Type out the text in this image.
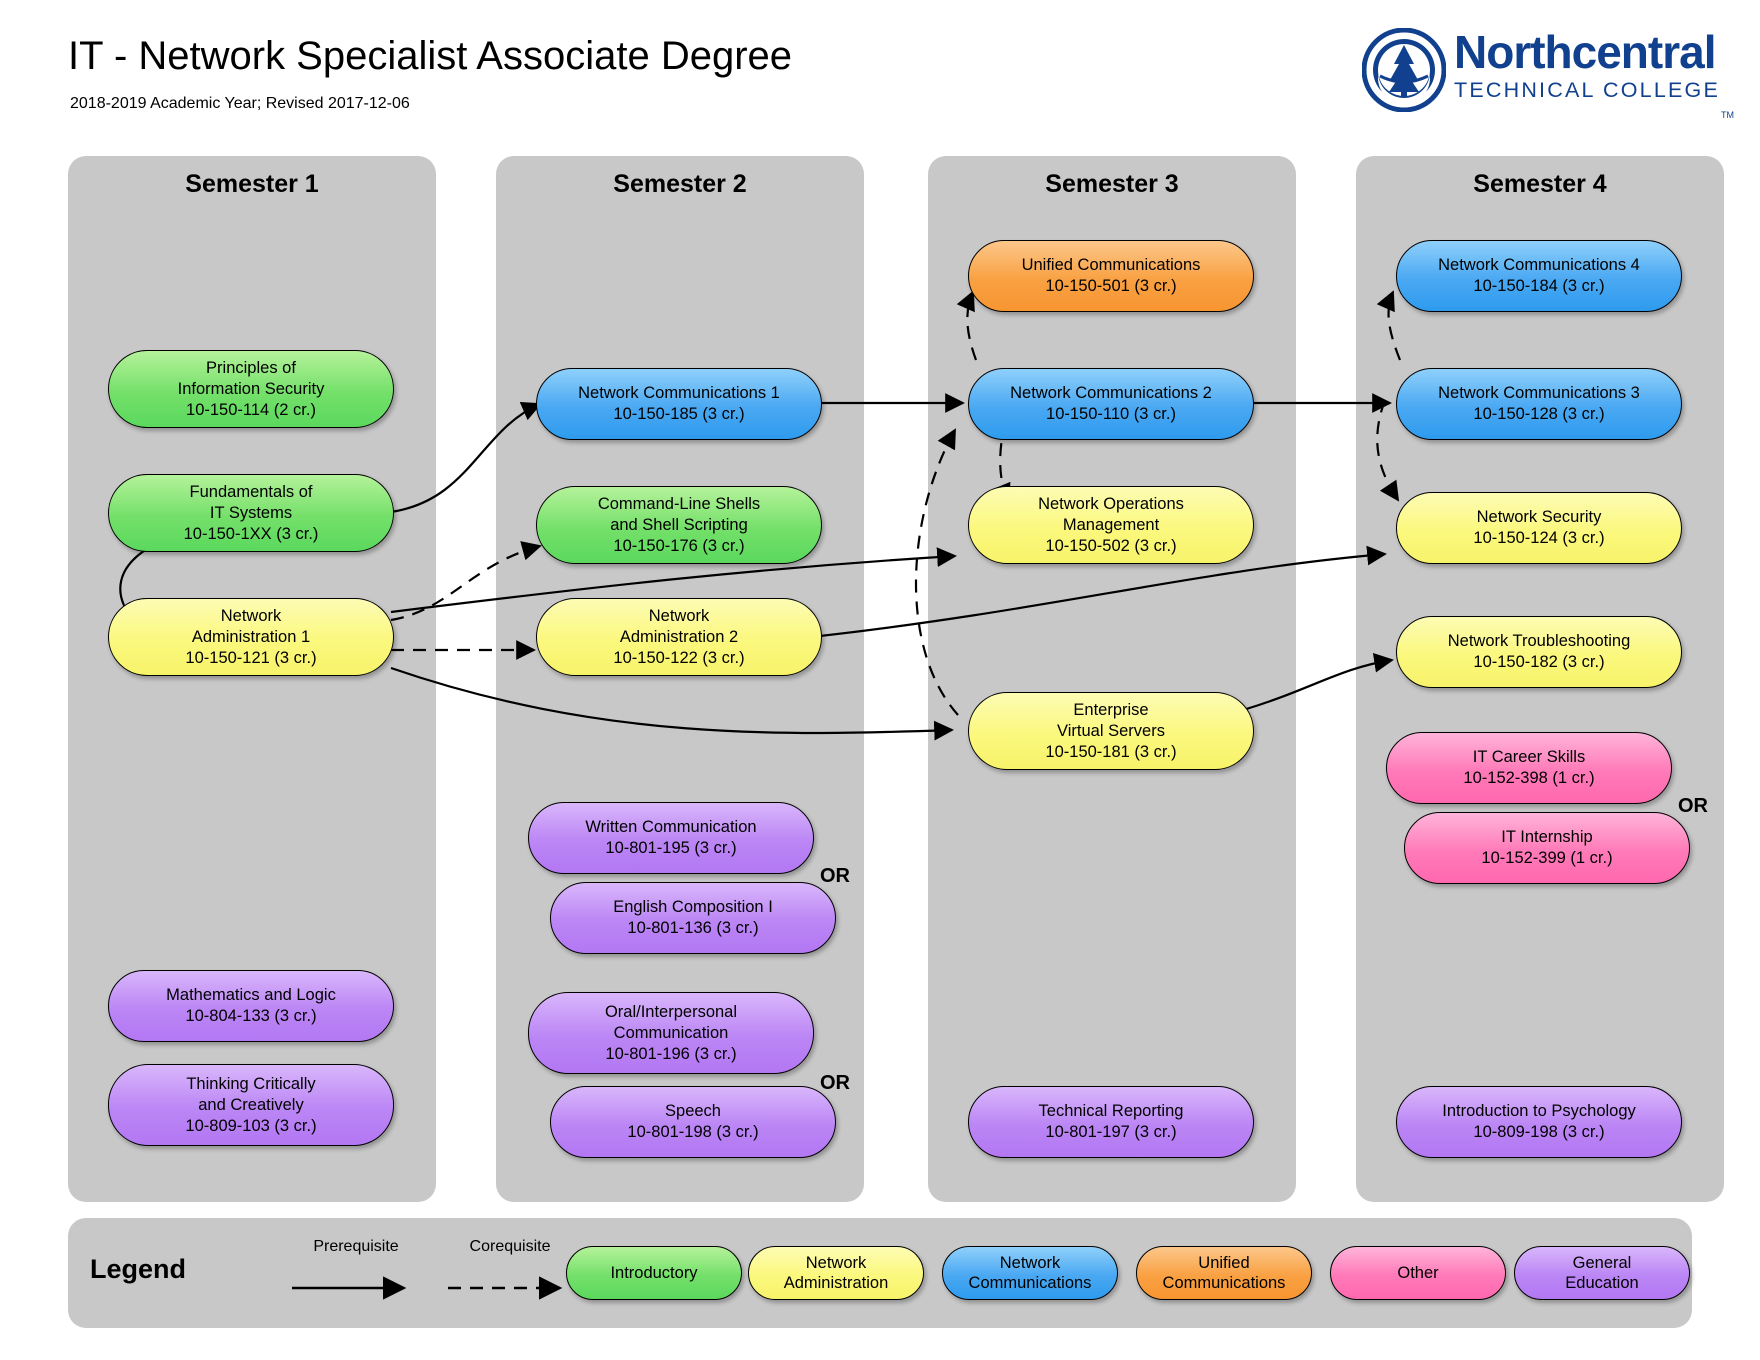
IT - Network Specialist Associate Degree
2018-2019 Academic Year; Revised 2017-12-06
Northcentral
TECHNICAL COLLEGE
TM
Semester 1	Semester 2	Semester 3	Semester 4
Principles of
Information Security
10-150-114 (2 cr.)
Fundamentals of
IT Systems
10-150-1XX (3 cr.)
Network
Administration 1
10-150-121 (3 cr.)
Mathematics and Logic
10-804-133 (3 cr.)
Thinking Critically
and Creatively
10-809-103 (3 cr.)
Network Communications 1
10-150-185 (3 cr.)
Command-Line Shells
and Shell Scripting
10-150-176 (3 cr.)
Network
Administration 2
10-150-122 (3 cr.)
Written Communication
10-801-195 (3 cr.)
English Composition I
10-801-136 (3 cr.)
OR
Oral/Interpersonal
Communication
10-801-196 (3 cr.)
Speech
10-801-198 (3 cr.)
OR
Unified Communications
10-150-501 (3 cr.)
Network Communications 2
10-150-110 (3 cr.)
Network Operations
Management
10-150-502 (3 cr.)
Enterprise
Virtual Servers
10-150-181 (3 cr.)
Technical Reporting
10-801-197 (3 cr.)
Network Communications 4
10-150-184 (3 cr.)
Network Communications 3
10-150-128 (3 cr.)
Network Security
10-150-124 (3 cr.)
Network Troubleshooting
10-150-182 (3 cr.)
IT Career Skills
10-152-398 (1 cr.)
IT Internship
10-152-399 (1 cr.)
OR
Introduction to Psychology
10-809-198 (3 cr.)
Legend
Prerequisite	Corequisite
Introductory
Network
Administration
Network
Communications
Unified
Communications
Other
General
Education
